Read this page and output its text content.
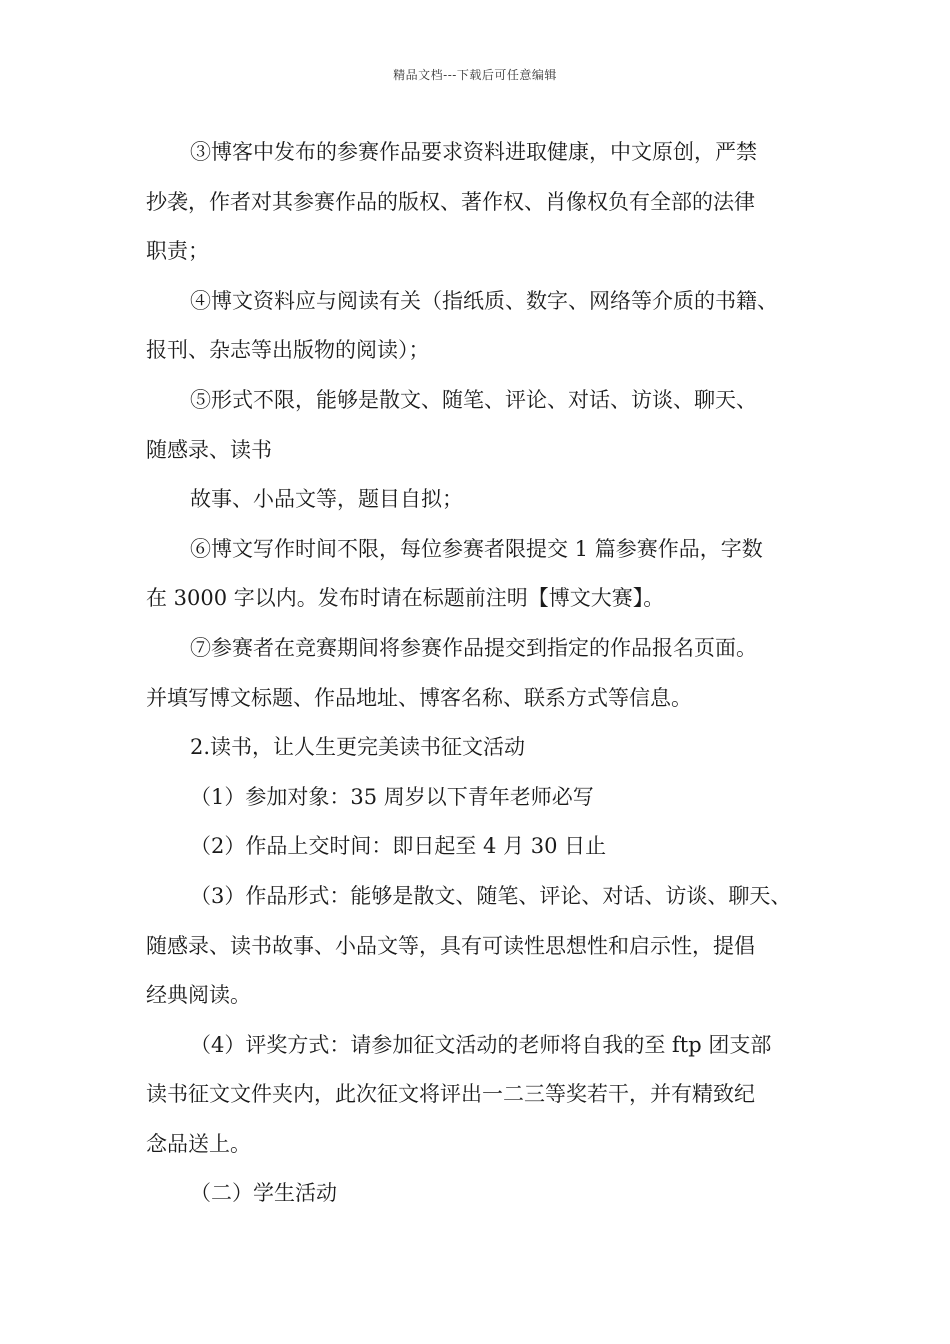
精品文档---下载后可任意编辑
③博客中发布的参赛作品要求资料进取健康，中文原创，严禁
抄袭，作者对其参赛作品的版权、著作权、肖像权负有全部的法律
职责；
④博文资料应与阅读有关（指纸质、数字、网络等介质的书籍、
报刊、杂志等出版物的阅读）；
⑤形式不限，能够是散文、随笔、评论、对话、访谈、聊天、
随感录、读书
故事、小品文等，题目自拟；
⑥博文写作时间不限，每位参赛者限提交 1 篇参赛作品，字数
在 3000 字以内。发布时请在标题前注明【博文大赛】。
⑦参赛者在竞赛期间将参赛作品提交到指定的作品报名页面。
并填写博文标题、作品地址、博客名称、联系方式等信息。
2.读书，让人生更完美读书征文活动
（1）参加对象：35 周岁以下青年老师必写
（2）作品上交时间：即日起至 4 月 30 日止
（3）作品形式：能够是散文、随笔、评论、对话、访谈、聊天、
随感录、读书故事、小品文等，具有可读性思想性和启示性，提倡
经典阅读。
（4）评奖方式：请参加征文活动的老师将自我的至 ftp 团支部
读书征文文件夹内，此次征文将评出一二三等奖若干，并有精致纪
念品送上。
（二）学生活动
